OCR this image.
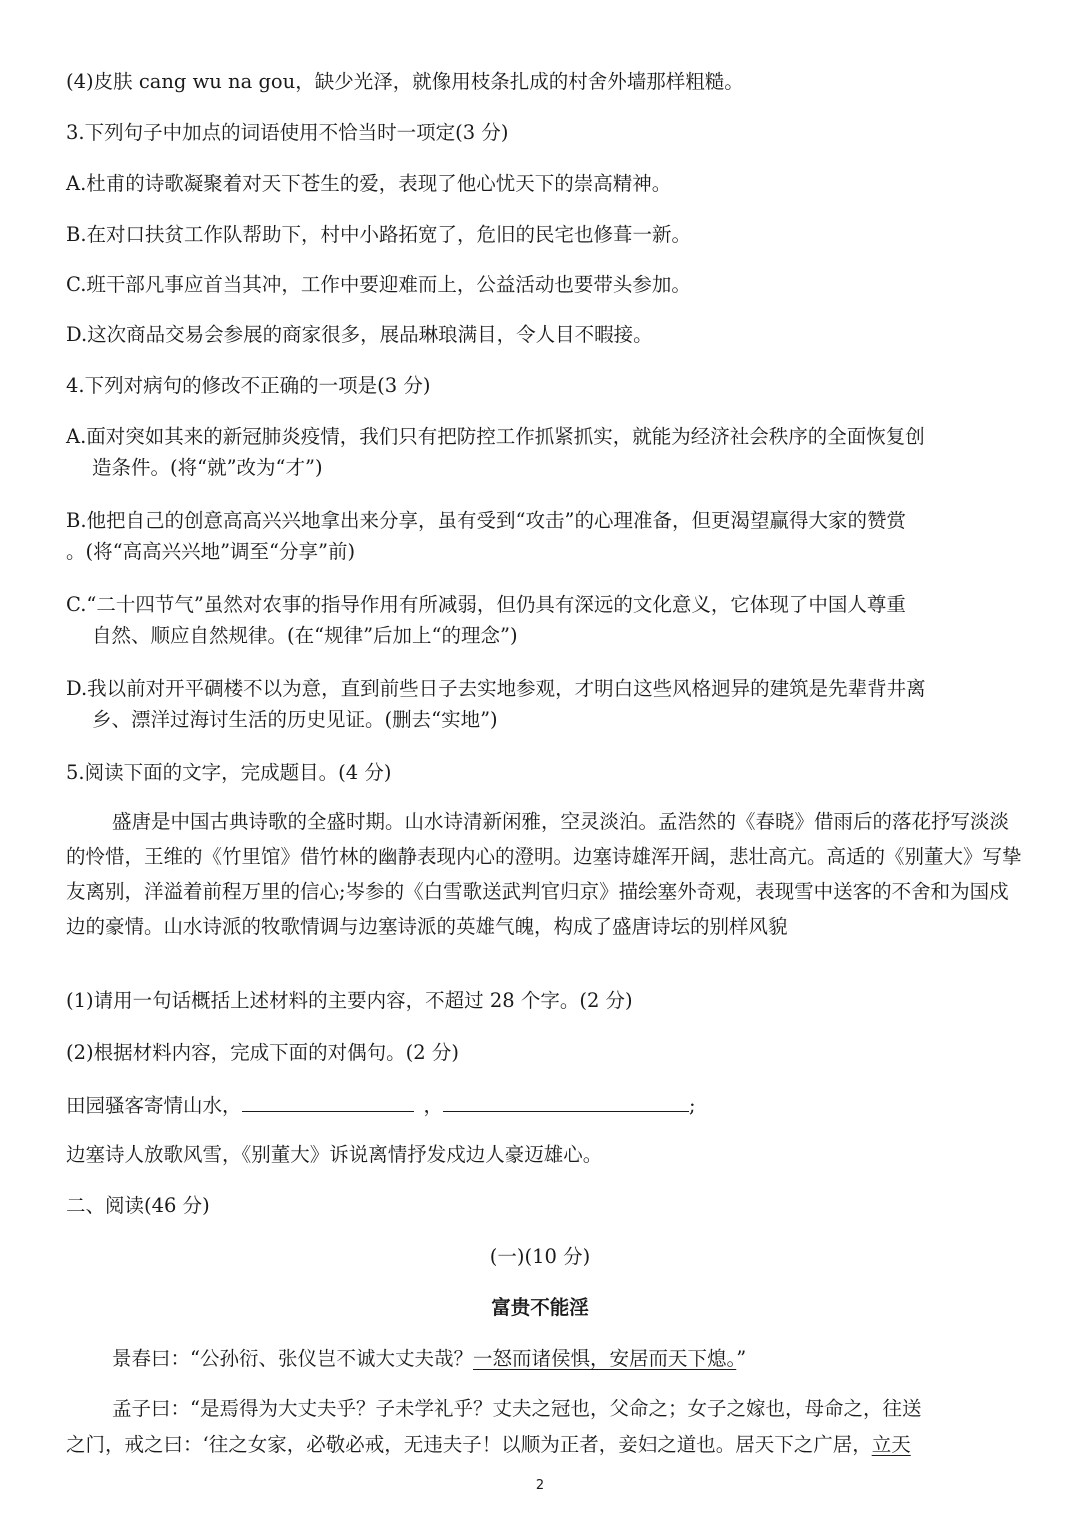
(4)皮肤 cang wu na gou，缺少光泽，就像用枝条扎成的村舍外墙那样粗糙。
3.下列句子中加点的词语使用不恰当时一项定(3 分)
A.杜甫的诗歌凝聚着对天下苍生的爱，表现了他心忧天下的崇高精神。
B.在对口扶贫工作队帮助下，村中小路拓宽了，危旧的民宅也修葺一新。
C.班干部凡事应首当其冲，工作中要迎难而上，公益活动也要带头参加。
D.这次商品交易会参展的商家很多，展品琳琅满目，令人目不暇接。
4.下列对病句的修改不正确的一项是(3 分)
A.面对突如其来的新冠肺炎疫情，我们只有把防控工作抓紧抓实，就能为经济社会秩序的全面恢复创
造条件。(将“就”改为“才”)
B.他把自己的创意高高兴兴地拿出来分享，虽有受到“攻击”的心理准备，但更渴望赢得大家的赞赏
。(将“高高兴兴地”调至“分享”前)
C.“二十四节气”虽然对农事的指导作用有所减弱，但仍具有深远的文化意义，它体现了中国人尊重
自然、顺应自然规律。(在“规律”后加上“的理念”)
D.我以前对开平碉楼不以为意，直到前些日子去实地参观，才明白这些风格迥异的建筑是先辈背井离
乡、漂洋过海讨生活的历史见证。(删去“实地”)
5.阅读下面的文字，完成题目。(4 分)
盛唐是中国古典诗歌的全盛时期。山水诗清新闲雅，空灵淡泊。孟浩然的《春晓》借雨后的落花抒写淡淡的怜惜，王维的《竹里馆》借竹林的幽静表现内心的澄明。边塞诗雄浑开阔，悲壮高亢。高适的《别董大》写挚友离别，洋溢着前程万里的信心;岑参的《白雪歌送武判官归京》描绘塞外奇观，表现雪中送客的不舍和为国戍边的豪情。山水诗派的牧歌情调与边塞诗派的英雄气魄，构成了盛唐诗坛的别样风貌
(1)请用一句话概括上述材料的主要内容，不超过 28 个字。(2 分)
(2)根据材料内容，完成下面的对偶句。(2 分)
田园骚客寄情山水，	，	;
边塞诗人放歌风雪，《别董大》诉说离情抒发戍边人豪迈雄心。
二、阅读(46 分)
(一)(10 分)
富贵不能淫
景春曰：“公孙衍、张仪岂不诚大丈夫哉？一怒而诸侯惧，安居而天下熄。”
孟子曰：“是焉得为大丈夫乎？子未学礼乎？丈夫之冠也，父命之；女子之嫁也，母命之，往送
之门，戒之曰：‘往之女家，必敬必戒，无违夫子！以顺为正者，妾妇之道也。居天下之广居，立天
2
